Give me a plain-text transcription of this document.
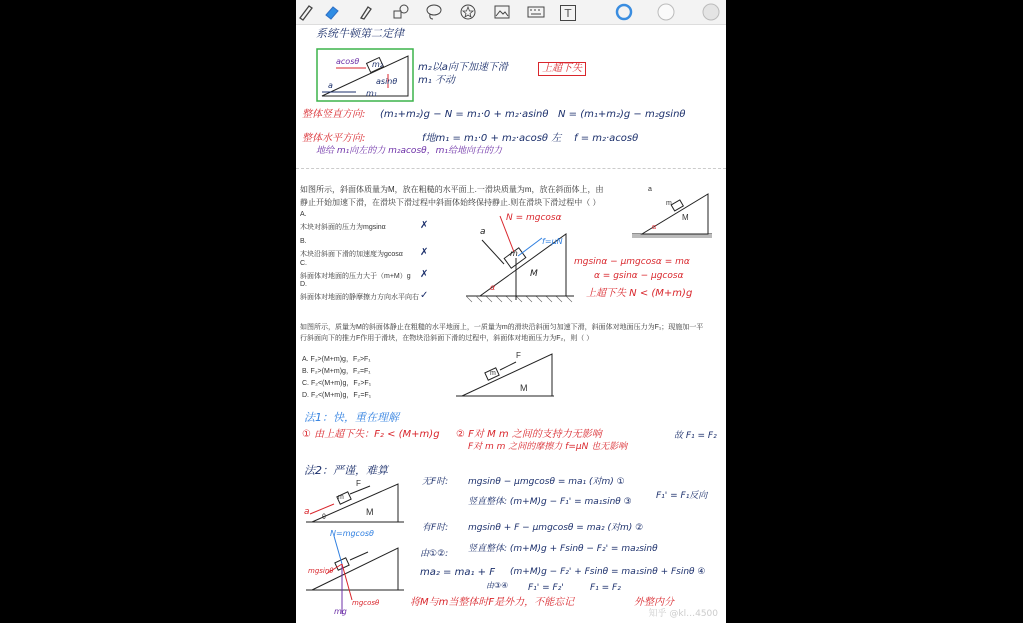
T
系统牛顿第二定律
acosθ m₂
asinθ
m₁
a
m₂以a向下加速下滑
m₁ 不动
上超下失
整体竖直方向: (m₁+m₂)g − N = m₁·0 + m₂·asinθ N = (m₁+m₂)g − m₂gsinθ
整体水平方向:	f地m₁ = m₁·0 + m₂·acosθ 左 f = m₂·acosθ
地给 m₁向左的力 m₂acosθ，m₁给地向右的力
如图所示，斜面体质量为M，放在粗糙的水平面上.一滑块质量为m，放在斜面体上，由
静止开始加速下滑，在滑块下滑过程中斜面体始终保持静止.则在滑块下滑过程中（ ）
A.
木块对斜面的压力为mgsinα	✗
B.
木块沿斜面下滑的加速度为gcosα ✗
C.
斜面体对地面的压力大于（m+M）g ✗
D.
斜面体对地面的静摩擦力方向水平向右 ✓
N = mgcosα
f=μN
a
M
m
α
mgsinα − μmgcosα = mα
α = gsinα − μgcosα
上超下失 N < (M+m)g
a
m
M
α
如图所示，质量为M的斜面体静止在粗糙的水平地面上，一质量为m的滑块沿斜面匀加速下滑，斜面体对地面压力为F₁；现施加一平
行斜面向下的推力F作用于滑块，在物块沿斜面下滑的过程中，斜面体对地面压力为F₂，则（ ）
A. F₂>(M+m)g，F₂>F₁
B. F₂>(M+m)g，F₂=F₁
C. F₂<(M+m)g，F₂>F₁
D. F₂<(M+m)g，F₂=F₁
F
m
M
法1：快，重在理解
① 由上超下失：F₂ < (M+m)g ② F对 M m 之间的支持力无影响
F对 m m 之间的摩擦力 f=μN 也无影响
故 F₁ = F₂
法2：严谨，难算
F
m
M
a
θ
N=mgcosθ
mgsinθ
mgcosθ
mg
无F时: mgsinθ − μmgcosθ = ma₁ (对m) ①
竖直整体: (m+M)g − F₁' = ma₁sinθ ③
F₁' = F₁反向
有F时: mgsinθ + F − μmgcosθ = ma₂ (对m) ②
竖直整体: (m+M)g + Fsinθ − F₂' = ma₂sinθ
由①②:
ma₂ = ma₁ + F (m+M)g − F₂' + Fsinθ = ma₁sinθ + Fsinθ ④
由③④ F₁' = F₂'	F₁ = F₂
将M与m当整体时F是外力，不能忘记	外整内分
知乎 @kl…4500
